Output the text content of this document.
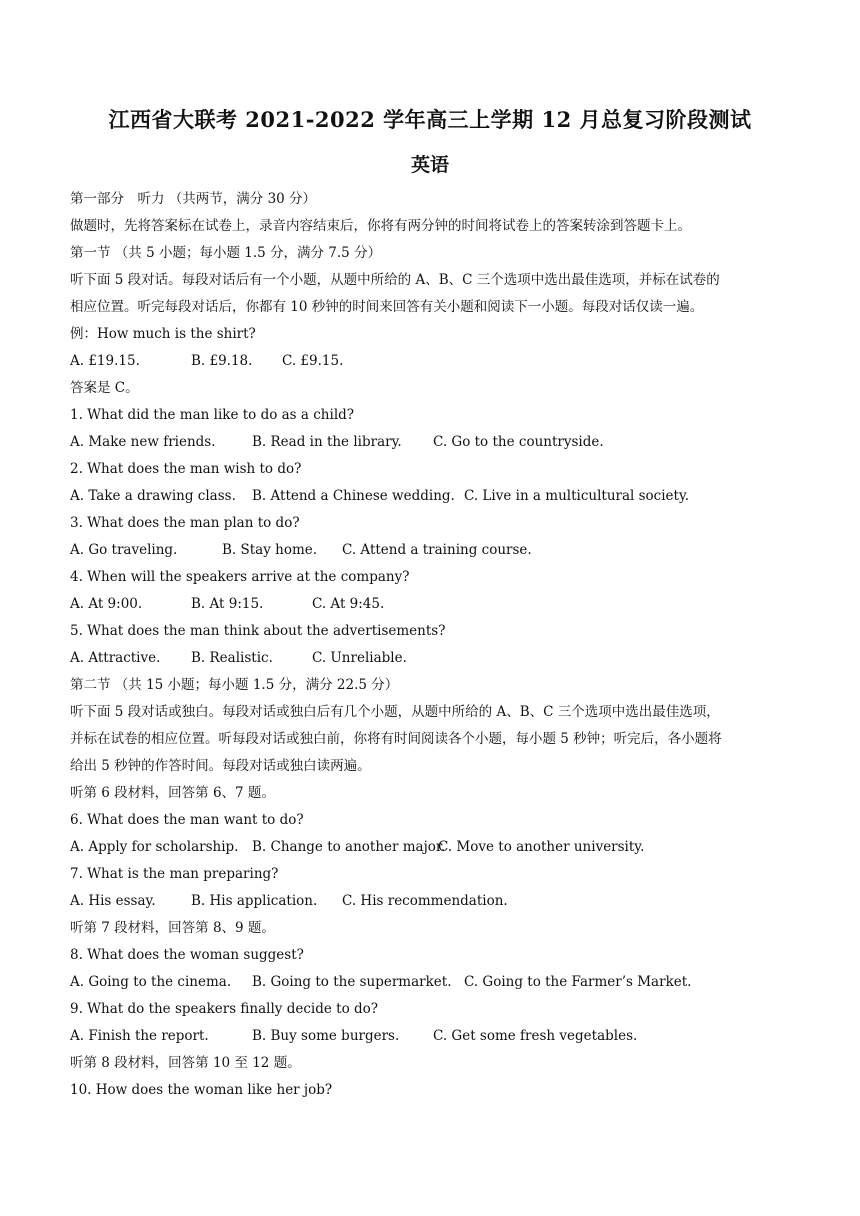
江西省大联考 2021-2022 学年高三上学期 12 月总复习阶段测试
英语
第一部分　听力 （共两节，满分 30 分）
做题时，先将答案标在试卷上，录音内容结束后，你将有两分钟的时间将试卷上的答案转涂到答题卡上。
第一节 （共 5 小题；每小题 1.5 分，满分 7.5 分）
听下面 5 段对话。每段对话后有一个小题，从题中所给的 A、B、C 三个选项中选出最佳选项，并标在试卷的
相应位置。听完每段对话后，你都有 10 秒钟的时间来回答有关小题和阅读下一小题。每段对话仅读一遍。
例：How much is the shirt?
A. £19.15.	B. £9.18. C. £9.15.
答案是 C。
1. What did the man like to do as a child?
A. Make new friends.	B. Read in the library. C. Go to the countryside.
2. What does the man wish to do?
A. Take a drawing class. B. Attend a Chinese wedding. C. Live in a multicultural society.
3. What does the man plan to do?
A. Go traveling.	B. Stay home. C. Attend a training course.
4. When will the speakers arrive at the company?
A. At 9:00.	B. At 9:15.	C. At 9:45.
5. What does the man think about the advertisements?
A. Attractive. B. Realistic.	C. Unreliable.
第二节 （共 15 小题；每小题 1.5 分，满分 22.5 分）
听下面 5 段对话或独白。每段对话或独白后有几个小题，从题中所给的 A、B、C 三个选项中选出最佳选项，
并标在试卷的相应位置。听每段对话或独白前，你将有时间阅读各个小题，每小题 5 秒钟；听完后，各小题将
给出 5 秒钟的作答时间。每段对话或独白读两遍。
听第 6 段材料，回答第 6、7 题。
6. What does the man want to do?
A. Apply for scholarship. B. Change to another major.
C. Move to another university.
7. What is the man preparing?
A. His essay.	B. His application. C. His recommendation.
听第 7 段材料，回答第 8、9 题。
8. What does the woman suggest?
A. Going to the cinema. B. Going to the supermarket. C. Going to the Farmer’s Market.
9. What do the speakers finally decide to do?
A. Finish the report.	B. Buy some burgers. C. Get some fresh vegetables.
听第 8 段材料，回答第 10 至 12 题。
10. How does the woman like her job?
